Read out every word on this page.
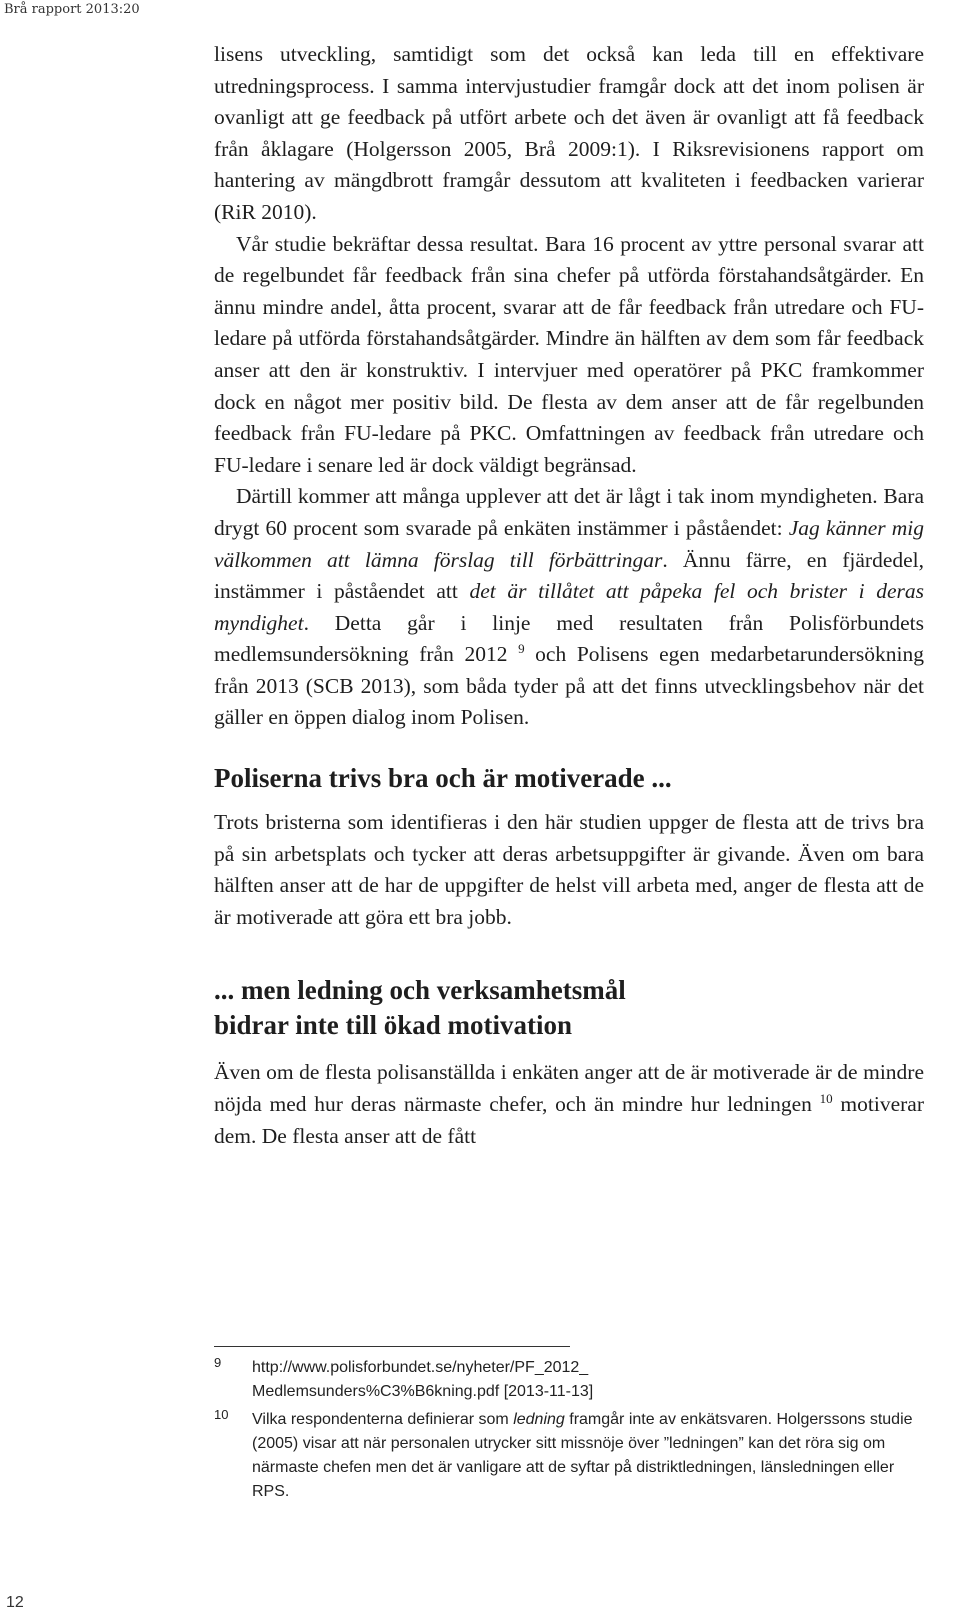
Brå rapport 2013:20

lisens utveckling, samtidigt som det också kan leda till en effektivare utredningsprocess. I samma intervjustudier framgår dock att det inom polisen är ovanligt att ge feedback på utfört arbete och det även är ovanligt att få feedback från åklagare (Holgersson 2005, Brå 2009:1). I Riksrevisionens rapport om hantering av mängdbrott framgår dessutom att kvaliteten i feedbacken varierar (RiR 2010).

Vår studie bekräftar dessa resultat. Bara 16 procent av yttre personal svarar att de regelbundet får feedback från sina chefer på utförda förstahandsåtgärder. En ännu mindre andel, åtta procent, svarar att de får feedback från utredare och FU-ledare på utförda förstahandsåtgärder. Mindre än hälften av dem som får feedback anser att den är konstruktiv. I intervjuer med operatörer på PKC framkommer dock en något mer positiv bild. De flesta av dem anser att de får regelbunden feedback från FU-ledare på PKC. Omfattningen av feedback från utredare och FU-ledare i senare led är dock väldigt begränsad.

Därtill kommer att många upplever att det är lågt i tak inom myndigheten. Bara drygt 60 procent som svarade på enkäten instämmer i påståendet: Jag känner mig välkommen att lämna förslag till förbättringar. Ännu färre, en fjärdedel, instämmer i påståendet att det är tillåtet att påpeka fel och brister i deras myndighet. Detta går i linje med resultaten från Polisförbundets medlemsundersökning från 2012 $^9$ och Polisens egen medarbetarundersökning från 2013 (SCB 2013), som båda tyder på att det finns utvecklingsbehov när det gäller en öppen dialog inom Polisen.

Poliserna trivs bra och är motiverade ...

Trots bristerna som identifieras i den här studien uppger de flesta att de trivs bra på sin arbetsplats och tycker att deras arbetsuppgifter är givande. Även om bara hälften anser att de har de uppgifter de helst vill arbeta med, anger de flesta att de är motiverade att göra ett bra jobb.

... men ledning och verksamhetsmål
bidrar inte till ökad motivation

Även om de flesta polisanställda i enkäten anger att de är motiverade är de mindre nöjda med hur deras närmaste chefer, och än mindre hur ledningen $^{10}$ motiverar dem. De flesta anser att de fått

9 http://www.polisforbundet.se/nyheter/PF_2012_
Medlemsunders%C3%B6kning.pdf [2013-11-13]
10 Vilka respondenterna definierar som ledning framgår inte av enkätsvaren. Holgerssons studie (2005) visar att när personalen utrycker sitt missnöje över ”ledningen” kan det röra sig om närmaste chefen men det är vanligare att de syftar på distriktledningen, länsledningen eller RPS.
12
